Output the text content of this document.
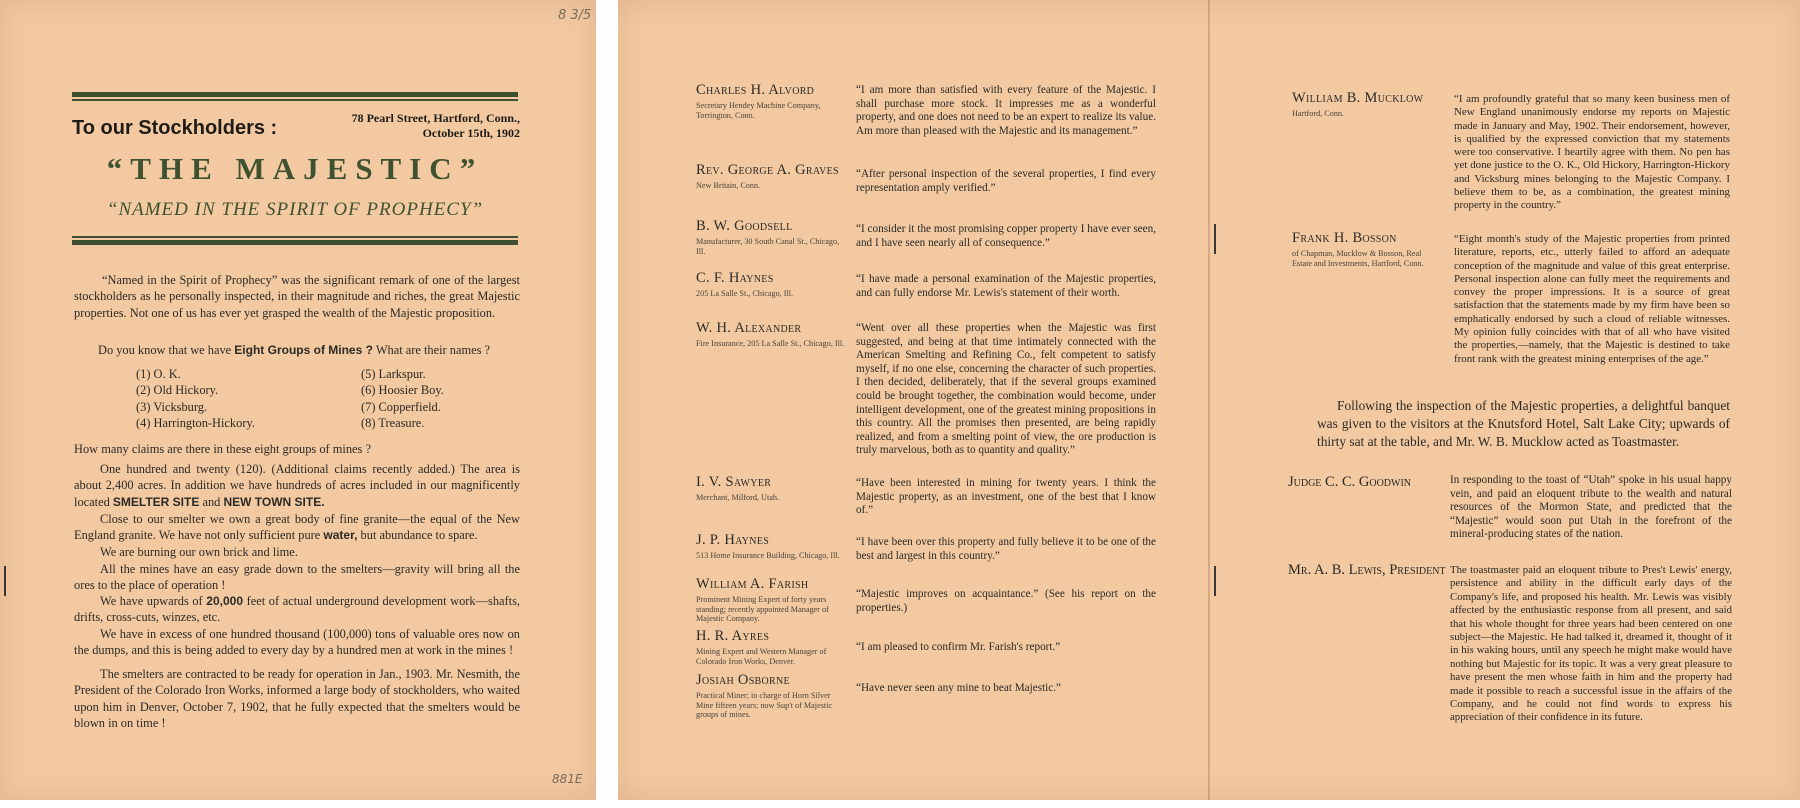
8 3/5
To our Stockholders :	78 Pearl Street, Hartford, Conn.,
October 15th, 1902
“THE MAJESTIC”
“NAMED IN THE SPIRIT OF PROPHECY”
“Named in the Spirit of Prophecy” was the significant remark of one of the largest stockholders as he personally inspected, in their magnitude and riches, the great Majestic properties. Not one of us has ever yet grasped the wealth of the Majestic proposition.
Do you know that we have Eight Groups of Mines ? What are their names ?
(1) O. K.
(2) Old Hickory.
(3) Vicksburg.
(4) Harrington-Hickory.
(5) Larkspur.
(6) Hoosier Boy.
(7) Copperfield.
(8) Treasure.
How many claims are there in these eight groups of mines ?
One hundred and twenty (120). (Additional claims recently added.) The area is about 2,400 acres. In addition we have hundreds of acres included in our magnificently located SMELTER SITE and NEW TOWN SITE.
Close to our smelter we own a great body of fine granite—the equal of the New England granite. We have not only sufficient pure water, but abundance to spare.
We are burning our own brick and lime.
All the mines have an easy grade down to the smelters—gravity will bring all the ores to the place of operation !
We have upwards of 20,000 feet of actual underground development work—shafts, drifts, cross-cuts, winzes, etc.
We have in excess of one hundred thousand (100,000) tons of valuable ores now on the dumps, and this is being added to every day by a hundred men at work in the mines !
The smelters are contracted to be ready for operation in Jan., 1903. Mr. Nesmith, the President of the Colorado Iron Works, informed a large body of stockholders, who waited upon him in Denver, October 7, 1902, that he fully expected that the smelters would be blown in on time !
881E
Charles H. Alvord
Secretary Hendey Machine Company, Torrington, Conn.
“I am more than satisfied with every feature of the Majestic. I shall purchase more stock. It impresses me as a wonderful property, and one does not need to be an expert to realize its value. Am more than pleased with the Majestic and its management.”
Rev. George A. Graves
New Britain, Conn.
“After personal inspection of the several properties, I find every representation amply verified.”
B. W. Goodsell
Manufacturer, 30 South Canal St., Chicago, Ill.
“I consider it the most promising copper property I have ever seen, and I have seen nearly all of consequence.”
C. F. Haynes
205 La Salle St., Chicago, Ill.
“I have made a personal examination of the Majestic properties, and can fully endorse Mr. Lewis's statement of their worth.
W. H. Alexander
Fire Insurance, 205 La Salle St., Chicago, Ill.
“Went over all these properties when the Majestic was first suggested, and being at that time intimately connected with the American Smelting and Refining Co., felt competent to satisfy myself, if no one else, concerning the character of such properties. I then decided, deliberately, that if the several groups examined could be brought together, the combination would become, under intelligent development, one of the greatest mining propositions in this country. All the promises then presented, are being rapidly realized, and from a smelting point of view, the ore production is truly marvelous, both as to quantity and quality.”
I. V. Sawyer
Merchant, Milford, Utah.
“Have been interested in mining for twenty years. I think the Majestic property, as an investment, one of the best that I know of.”
J. P. Haynes
513 Home Insurance Building, Chicago, Ill.
“I have been over this property and fully believe it to be one of the best and largest in this country.”
William A. Farish
Prominent Mining Expert of forty years standing; recently appointed Manager of Majestic Company.
“Majestic improves on acquaintance.” (See his report on the properties.)
H. R. Ayres
Mining Expert and Western Manager of Colorado Iron Works, Denver.
“I am pleased to confirm Mr. Farish's report.”
Josiah Osborne
Practical Miner; in charge of Horn Silver Mine fifteen years; now Sup't of Majestic groups of mines.
“Have never seen any mine to beat Majestic.”
William B. Mucklow
Hartford, Conn.
“I am profoundly grateful that so many keen business men of New England unanimously endorse my reports on Majestic made in January and May, 1902. Their endorsement, however, is qualified by the expressed conviction that my statements were too conservative. I heartily agree with them. No pen has yet done justice to the O. K., Old Hickory, Harrington-Hickory and Vicksburg mines belonging to the Majestic Company. I believe them to be, as a combination, the greatest mining property in the country.”
Frank H. Bosson
of Chapman, Mucklow & Bosson, Real Estate and Investments, Hartford, Conn.
“Eight month's study of the Majestic properties from printed literature, reports, etc., utterly failed to afford an adequate conception of the magnitude and value of this great enterprise. Personal inspection alone can fully meet the requirements and convey the proper impressions. It is a source of great satisfaction that the statements made by my firm have been so emphatically endorsed by such a cloud of reliable witnesses. My opinion fully coincides with that of all who have visited the properties,—namely, that the Majestic is destined to take front rank with the greatest mining enterprises of the age.”
Following the inspection of the Majestic properties, a delightful banquet was given to the visitors at the Knutsford Hotel, Salt Lake City; upwards of thirty sat at the table, and Mr. W. B. Mucklow acted as Toastmaster.
Judge C. C. Goodwin	In responding to the toast of “Utah” spoke in his usual happy vein, and paid an eloquent tribute to the wealth and natural resources of the Mormon State, and predicted that the “Majestic” would soon put Utah in the forefront of the mineral-producing states of the nation.
Mr. A. B. Lewis, President The toastmaster paid an eloquent tribute to Pres't Lewis' energy, persistence and ability in the difficult early days of the Company's life, and proposed his health. Mr. Lewis was visibly affected by the enthusiastic response from all present, and said that his whole thought for three years had been centered on one subject—the Majestic. He had talked it, dreamed it, thought of it in his waking hours, until any speech he might make would have nothing but Majestic for its topic. It was a very great pleasure to have present the men whose faith in him and the property had made it possible to reach a successful issue in the affairs of the Company, and he could not find words to express his appreciation of their confidence in its future.
